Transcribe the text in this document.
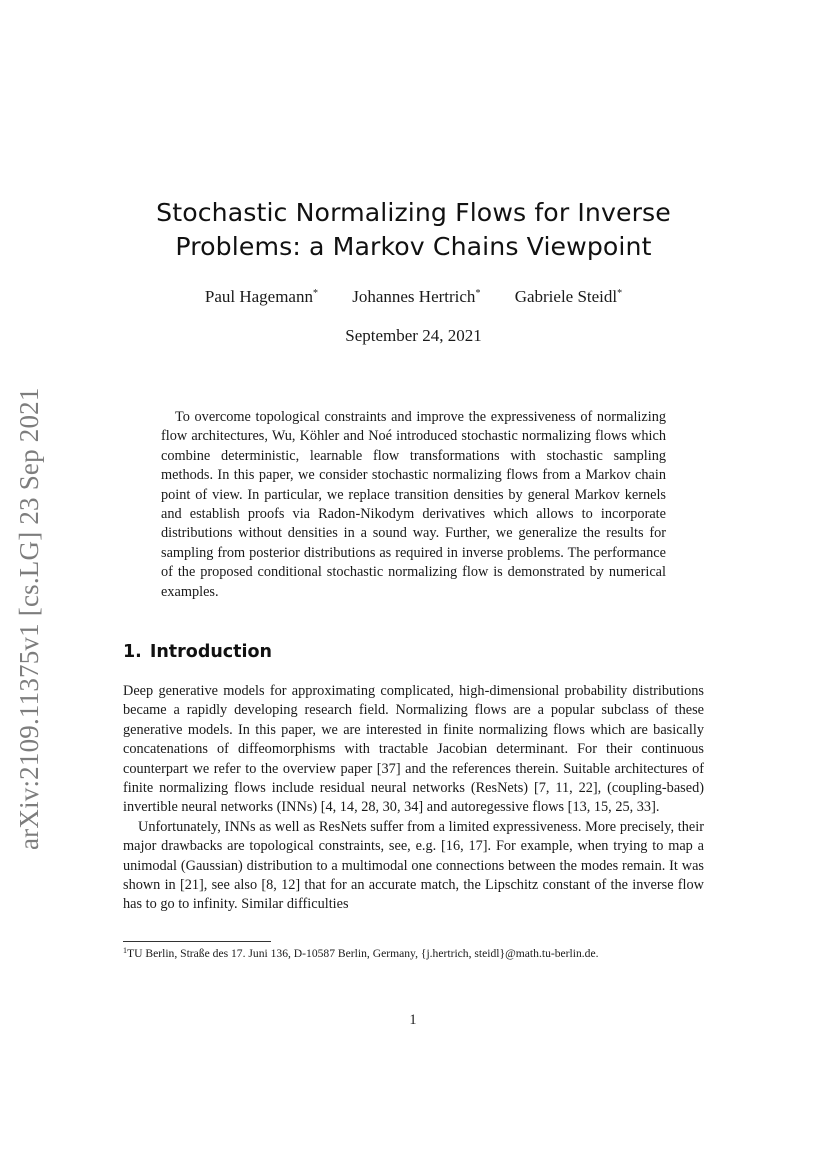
arXiv:2109.11375v1 [cs.LG] 23 Sep 2021
Stochastic Normalizing Flows for Inverse
Problems: a Markov Chains Viewpoint
Paul Hagemann* Johannes Hertrich* Gabriele Steidl*
September 24, 2021
To overcome topological constraints and improve the expressiveness of normalizing flow architectures, Wu, Köhler and Noé introduced stochastic normalizing flows which combine deterministic, learnable flow transformations with stochastic sampling methods. In this paper, we consider stochastic normalizing flows from a Markov chain point of view. In particular, we replace transition densities by general Markov kernels and establish proofs via Radon-Nikodym derivatives which allows to incorporate distributions without densities in a sound way. Further, we generalize the results for sampling from posterior distributions as required in inverse problems. The performance of the proposed conditional stochastic normalizing flow is demonstrated by numerical examples.
1. Introduction

Deep generative models for approximating complicated, high-dimensional probability distributions became a rapidly developing research field. Normalizing flows are a popular subclass of these generative models. In this paper, we are interested in finite normalizing flows which are basically concatenations of diffeomorphisms with tractable Jacobian determinant. For their continuous counterpart we refer to the overview paper [37] and the references therein. Suitable architectures of finite normalizing flows include residual neural networks (ResNets) [7, 11, 22], (coupling-based) invertible neural networks (INNs) [4, 14, 28, 30, 34] and autoregessive flows [13, 15, 25, 33].

Unfortunately, INNs as well as ResNets suffer from a limited expressiveness. More precisely, their major drawbacks are topological constraints, see, e.g. [16, 17]. For example, when trying to map a unimodal (Gaussian) distribution to a multimodal one connections between the modes remain. It was shown in [21], see also [8, 12] that for an accurate match, the Lipschitz constant of the inverse flow has to go to infinity. Similar difficulties

$^1$TU Berlin, Straße des 17. Juni 136, D-10587 Berlin, Germany, {j.hertrich, steidl}@math.tu-berlin.de.
1
